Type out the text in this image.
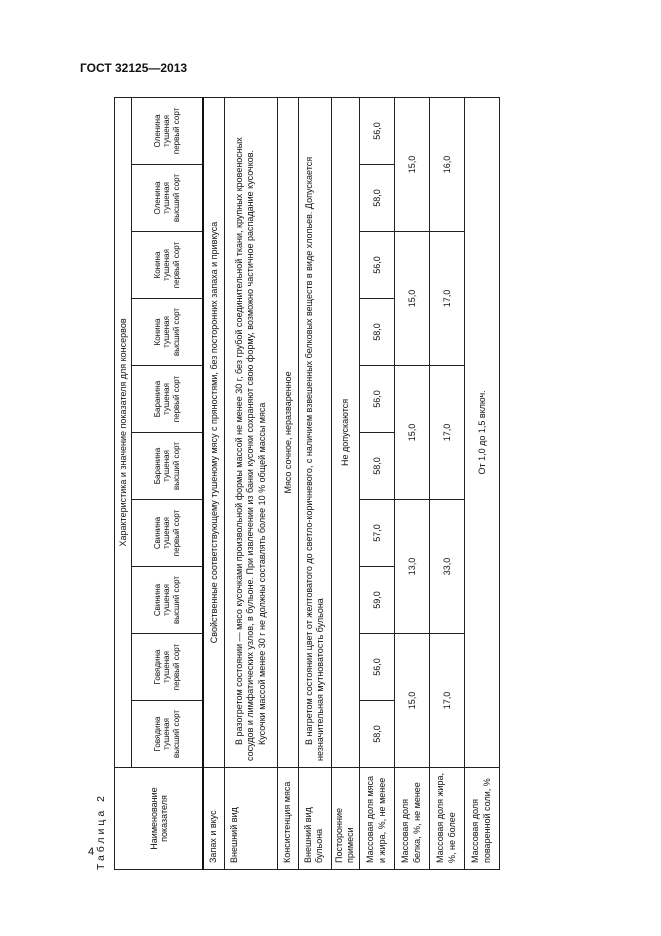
ГОСТ 32125—2013
4 Таблица 2	Наименование показателя	Характеристика и значение показателя для консервов									
	Говядина тушеная высший сорт	Говядина тушеная первый сорт	Свинина тушеная высший сорт	Свинина тушеная первый сорт	Баранина тушеная высший сорт	Баранина тушеная первый сорт	Конина тушеная высший сорт	Конина тушеная первый сорт	Оленина тушеная высший сорт	Оленина тушеная первый сорт
Запах и вкус	Свойственные соответствующему тушеному мясу с пряностями, без посторонних запаха и привкуса									
Внешний вид	В разогретом состоянии — мясо кусочками произвольной формы массой не менее 30 г, без грубой соединительной ткани, крупных кровеносных сосудов и лимфатических узлов, в бульоне. При извлечении из банки кусочки сохраняют свою форму, возможно частичное распадание кусочков. Кусочки массой менее 30 г не должны составлять более 10 % общей массы мяса									

Консистенция мяса	Мясо сочное, неразваренное									
Внешний вид бульона	В нагретом состоянии цвет от желтоватого до светло-коричневого, с наличием взвешенных белковых веществ в виде хлопьев. Допускается незначительная мутноватость бульона									
Посторонние примеси	Не допускаются									
Массовая доля мяса и жира, %, не менее	58,0	56,0	59,0	57,0	58,0	56,0	58,0	56,0	58,0	56,0
Массовая доля белка, %, не менее	15,0		13,0		15,0		15,0		15,0	
Массовая доля жира, %, не более	17,0		33,0		17,0		17,0		16,0	
Массовая доля поваренной соли, %	От 1,0 до 1,5 включ.									
